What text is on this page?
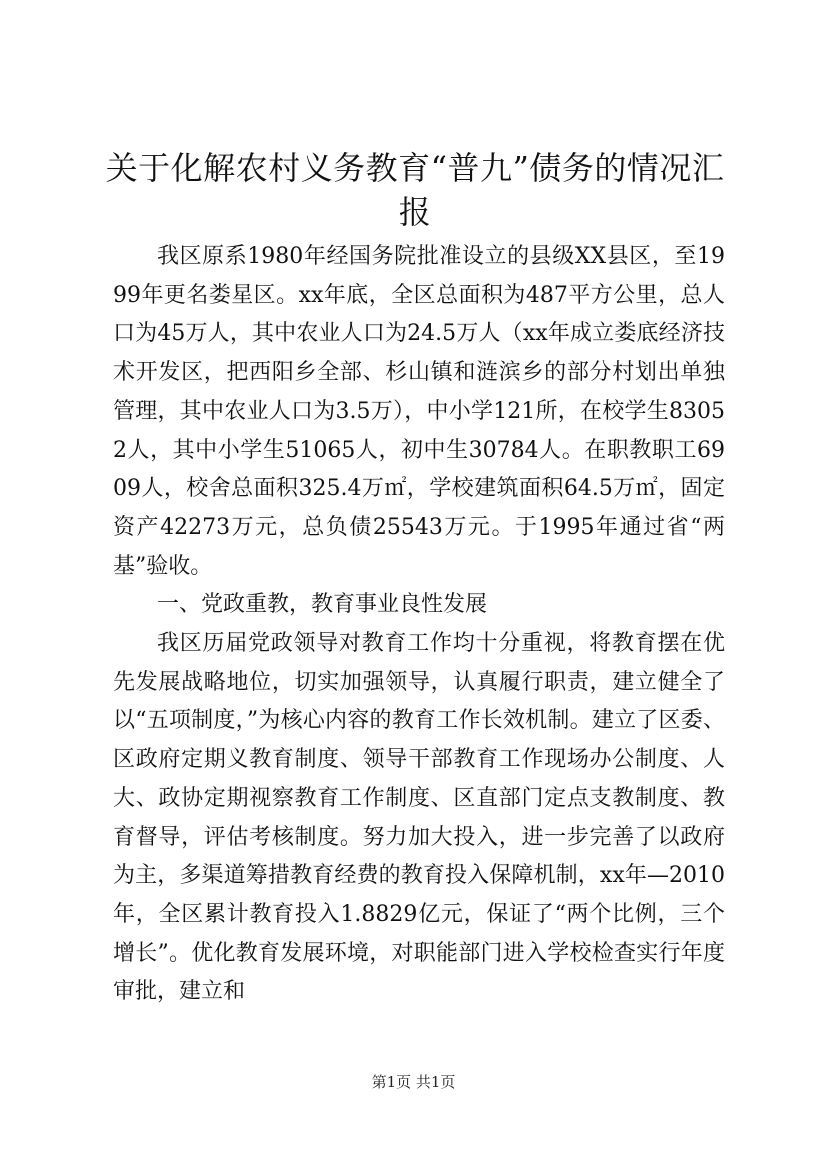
关于化解农村义务教育“普九”债务的情况汇报

我区原系1980年经国务院批准设立的县级XX县区，至1999年更名娄星区。xx年底，全区总面积为487平方公里，总人口为45万人，其中农业人口为24.5万人（xx年成立娄底经济技术开发区，把西阳乡全部、杉山镇和涟滨乡的部分村划出单独管理，其中农业人口为3.5万），中小学121所，在校学生83052人，其中小学生51065人，初中生30784人。在职教职工6909人，校舍总面积325.4万㎡，学校建筑面积64.5万㎡，固定资产42273万元，总负债25543万元。于1995年通过省“两基”验收。

一、党政重教，教育事业良性发展

我区历届党政领导对教育工作均十分重视，将教育摆在优先发展战略地位，切实加强领导，认真履行职责，建立健全了以“五项制度，”为核心内容的教育工作长效机制。建立了区委、区政府定期义教育制度、领导干部教育工作现场办公制度、人大、政协定期视察教育工作制度、区直部门定点支教制度、教育督导，评估考核制度。努力加大投入，进一步完善了以政府为主，多渠道筹措教育经费的教育投入保障机制，xx年—2010年，全区累计教育投入1.8829亿元，保证了“两个比例，三个增长”。优化教育发展环境，对职能部门进入学校检查实行年度审批，建立和

第1页 共1页
